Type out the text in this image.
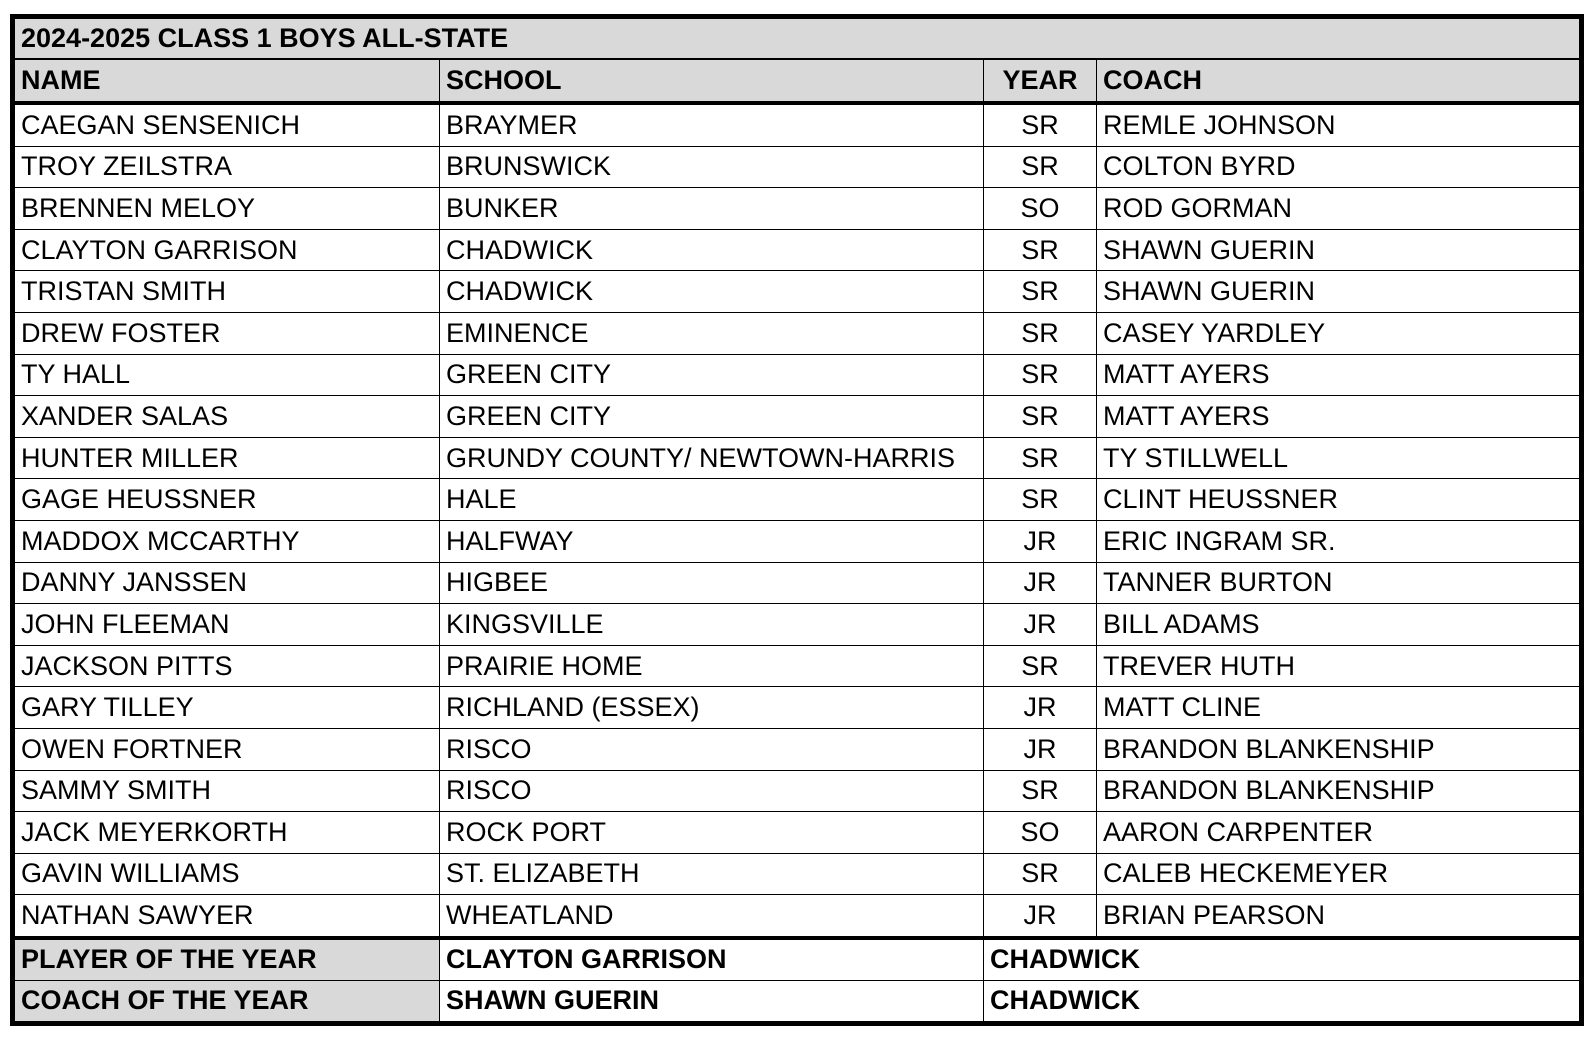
2024-2025 CLASS 1 BOYS ALL-STATE			
NAME	SCHOOL	YEAR	COACH
CAEGAN SENSENICH	BRAYMER	SR	REMLE JOHNSON
TROY ZEILSTRA	BRUNSWICK	SR	COLTON BYRD
BRENNEN MELOY	BUNKER	SO	ROD GORMAN
CLAYTON GARRISON	CHADWICK	SR	SHAWN GUERIN
TRISTAN SMITH	CHADWICK	SR	SHAWN GUERIN
DREW FOSTER	EMINENCE	SR	CASEY YARDLEY
TY HALL	GREEN CITY	SR	MATT AYERS
XANDER SALAS	GREEN CITY	SR	MATT AYERS
HUNTER MILLER	GRUNDY COUNTY/ NEWTOWN-HARRIS	SR	TY STILLWELL
GAGE HEUSSNER	HALE	SR	CLINT HEUSSNER
MADDOX MCCARTHY	HALFWAY	JR	ERIC INGRAM SR.
DANNY JANSSEN	HIGBEE	JR	TANNER BURTON
JOHN FLEEMAN	KINGSVILLE	JR	BILL ADAMS
JACKSON PITTS	PRAIRIE HOME	SR	TREVER HUTH
GARY TILLEY	RICHLAND (ESSEX)	JR	MATT CLINE
OWEN FORTNER	RISCO	JR	BRANDON BLANKENSHIP
SAMMY SMITH	RISCO	SR	BRANDON BLANKENSHIP
JACK MEYERKORTH	ROCK PORT	SO	AARON CARPENTER
GAVIN WILLIAMS	ST. ELIZABETH	SR	CALEB HECKEMEYER
NATHAN SAWYER	WHEATLAND	JR	BRIAN PEARSON
PLAYER OF THE YEAR	CLAYTON GARRISON	CHADWICK	
COACH OF THE YEAR	SHAWN GUERIN	CHADWICK	
